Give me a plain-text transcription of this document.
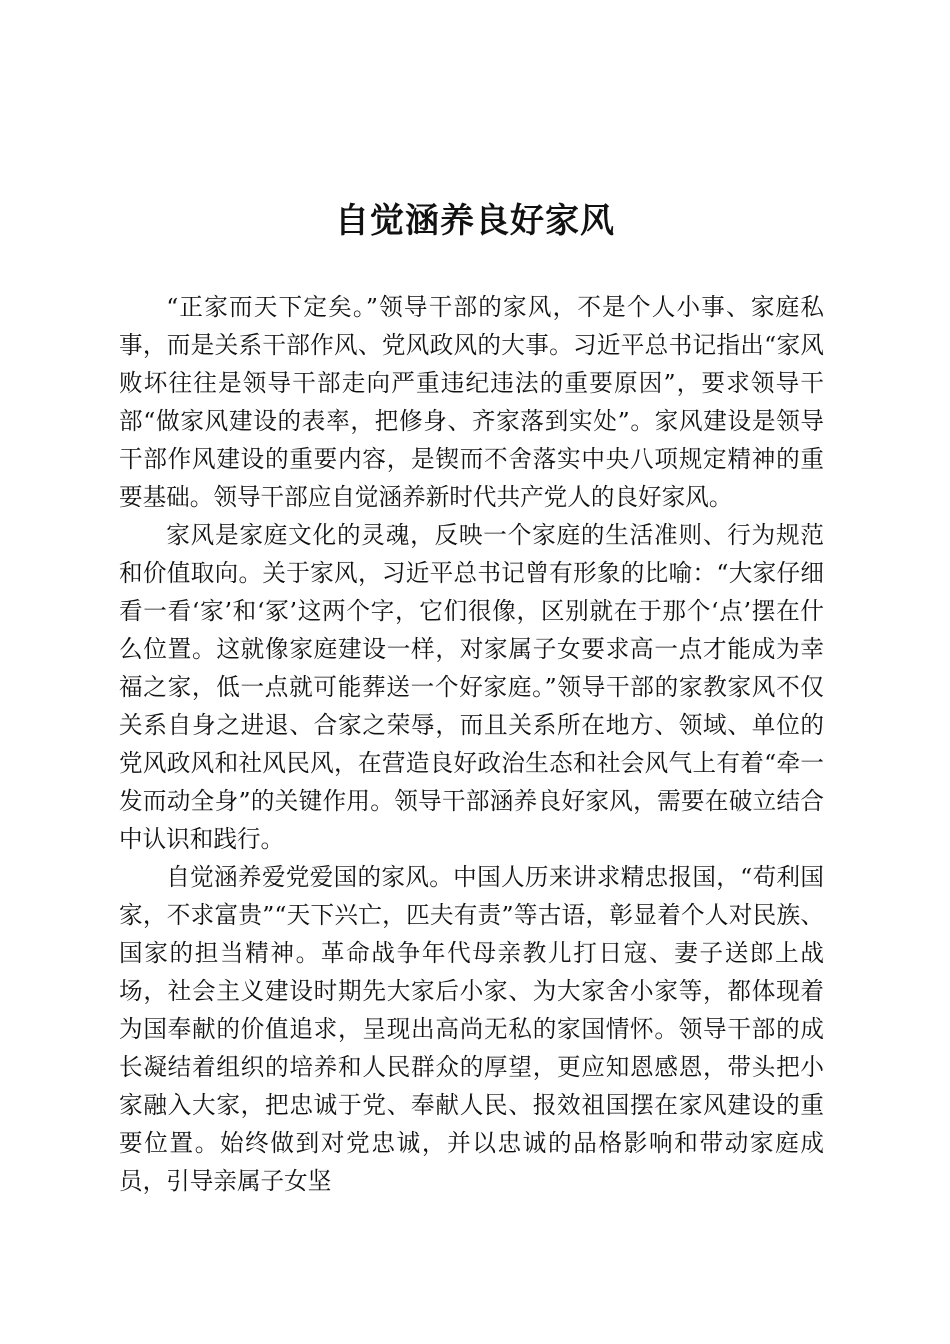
自觉涵养良好家风

“正家而天下定矣。”领导干部的家风，不是个人小事、家庭私事，而是关系干部作风、党风政风的大事。习近平总书记指出“家风败坏往往是领导干部走向严重违纪违法的重要原因”，要求领导干部“做家风建设的表率，把修身、齐家落到实处”。家风建设是领导干部作风建设的重要内容，是锲而不舍落实中央八项规定精神的重要基础。领导干部应自觉涵养新时代共产党人的良好家风。

家风是家庭文化的灵魂，反映一个家庭的生活准则、行为规范和价值取向。关于家风，习近平总书记曾有形象的比喻：“大家仔细看一看‘家’和‘冢’这两个字，它们很像，区别就在于那个‘点’摆在什么位置。这就像家庭建设一样，对家属子女要求高一点才能成为幸福之家，低一点就可能葬送一个好家庭。”领导干部的家教家风不仅关系自身之进退、合家之荣辱，而且关系所在地方、领域、单位的党风政风和社风民风，在营造良好政治生态和社会风气上有着“牵一发而动全身”的关键作用。领导干部涵养良好家风，需要在破立结合中认识和践行。

自觉涵养爱党爱国的家风。中国人历来讲求精忠报国，“苟利国家，不求富贵”“天下兴亡，匹夫有责”等古语，彰显着个人对民族、国家的担当精神。革命战争年代母亲教儿打日寇、妻子送郎上战场，社会主义建设时期先大家后小家、为大家舍小家等，都体现着为国奉献的价值追求，呈现出高尚无私的家国情怀。领导干部的成长凝结着组织的培养和人民群众的厚望，更应知恩感恩，带头把小家融入大家，把忠诚于党、奉献人民、报效祖国摆在家风建设的重要位置。始终做到对党忠诚，并以忠诚的品格影响和带动家庭成员，引导亲属子女坚
